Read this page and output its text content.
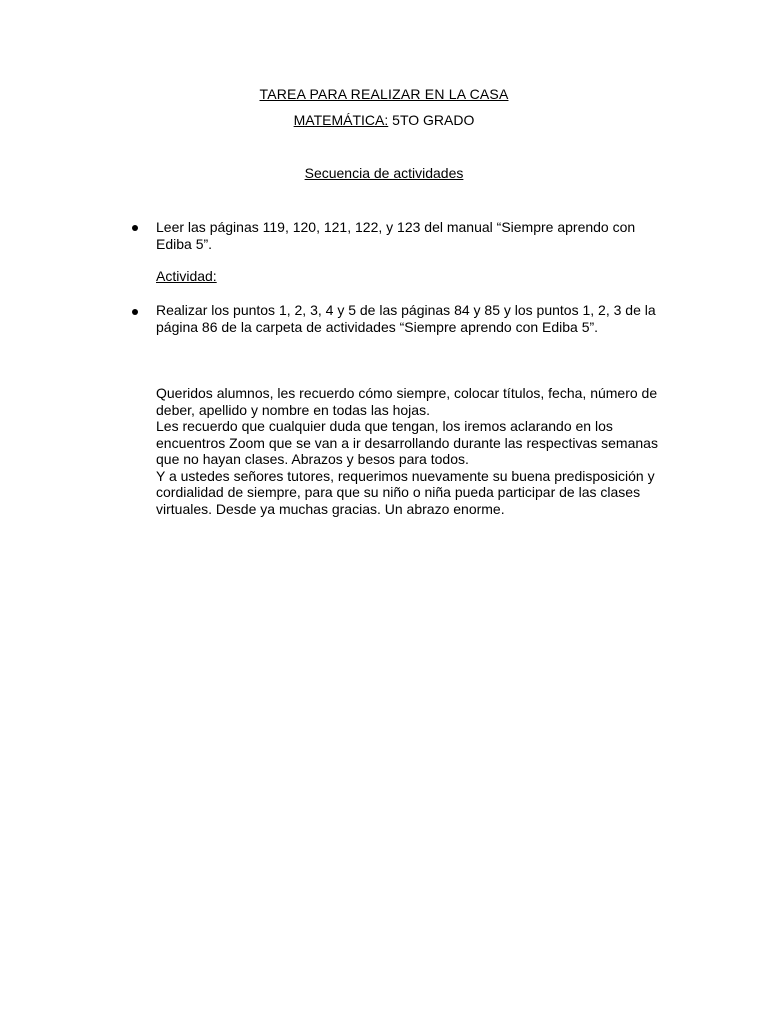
TAREA PARA REALIZAR EN LA CASA
MATEMÁTICA: 5TO GRADO
Secuencia de actividades
Leer las páginas 119, 120, 121, 122, y 123 del manual “Siempre aprendo con Ediba 5”.
Actividad:
Realizar los puntos 1, 2, 3, 4 y 5 de las páginas 84 y 85 y los puntos 1, 2, 3 de la página 86 de la carpeta de actividades “Siempre aprendo con Ediba 5”.

Queridos alumnos, les recuerdo cómo siempre, colocar títulos, fecha, número de deber, apellido y nombre en todas las hojas.

Les recuerdo que cualquier duda que tengan, los iremos aclarando en los encuentros Zoom que se van a ir desarrollando durante las respectivas semanas que no hayan clases. Abrazos y besos para todos.

Y a ustedes señores tutores, requerimos nuevamente su buena predisposición y cordialidad de siempre, para que su niño o niña pueda participar de las clases virtuales. Desde ya muchas gracias. Un abrazo enorme.
